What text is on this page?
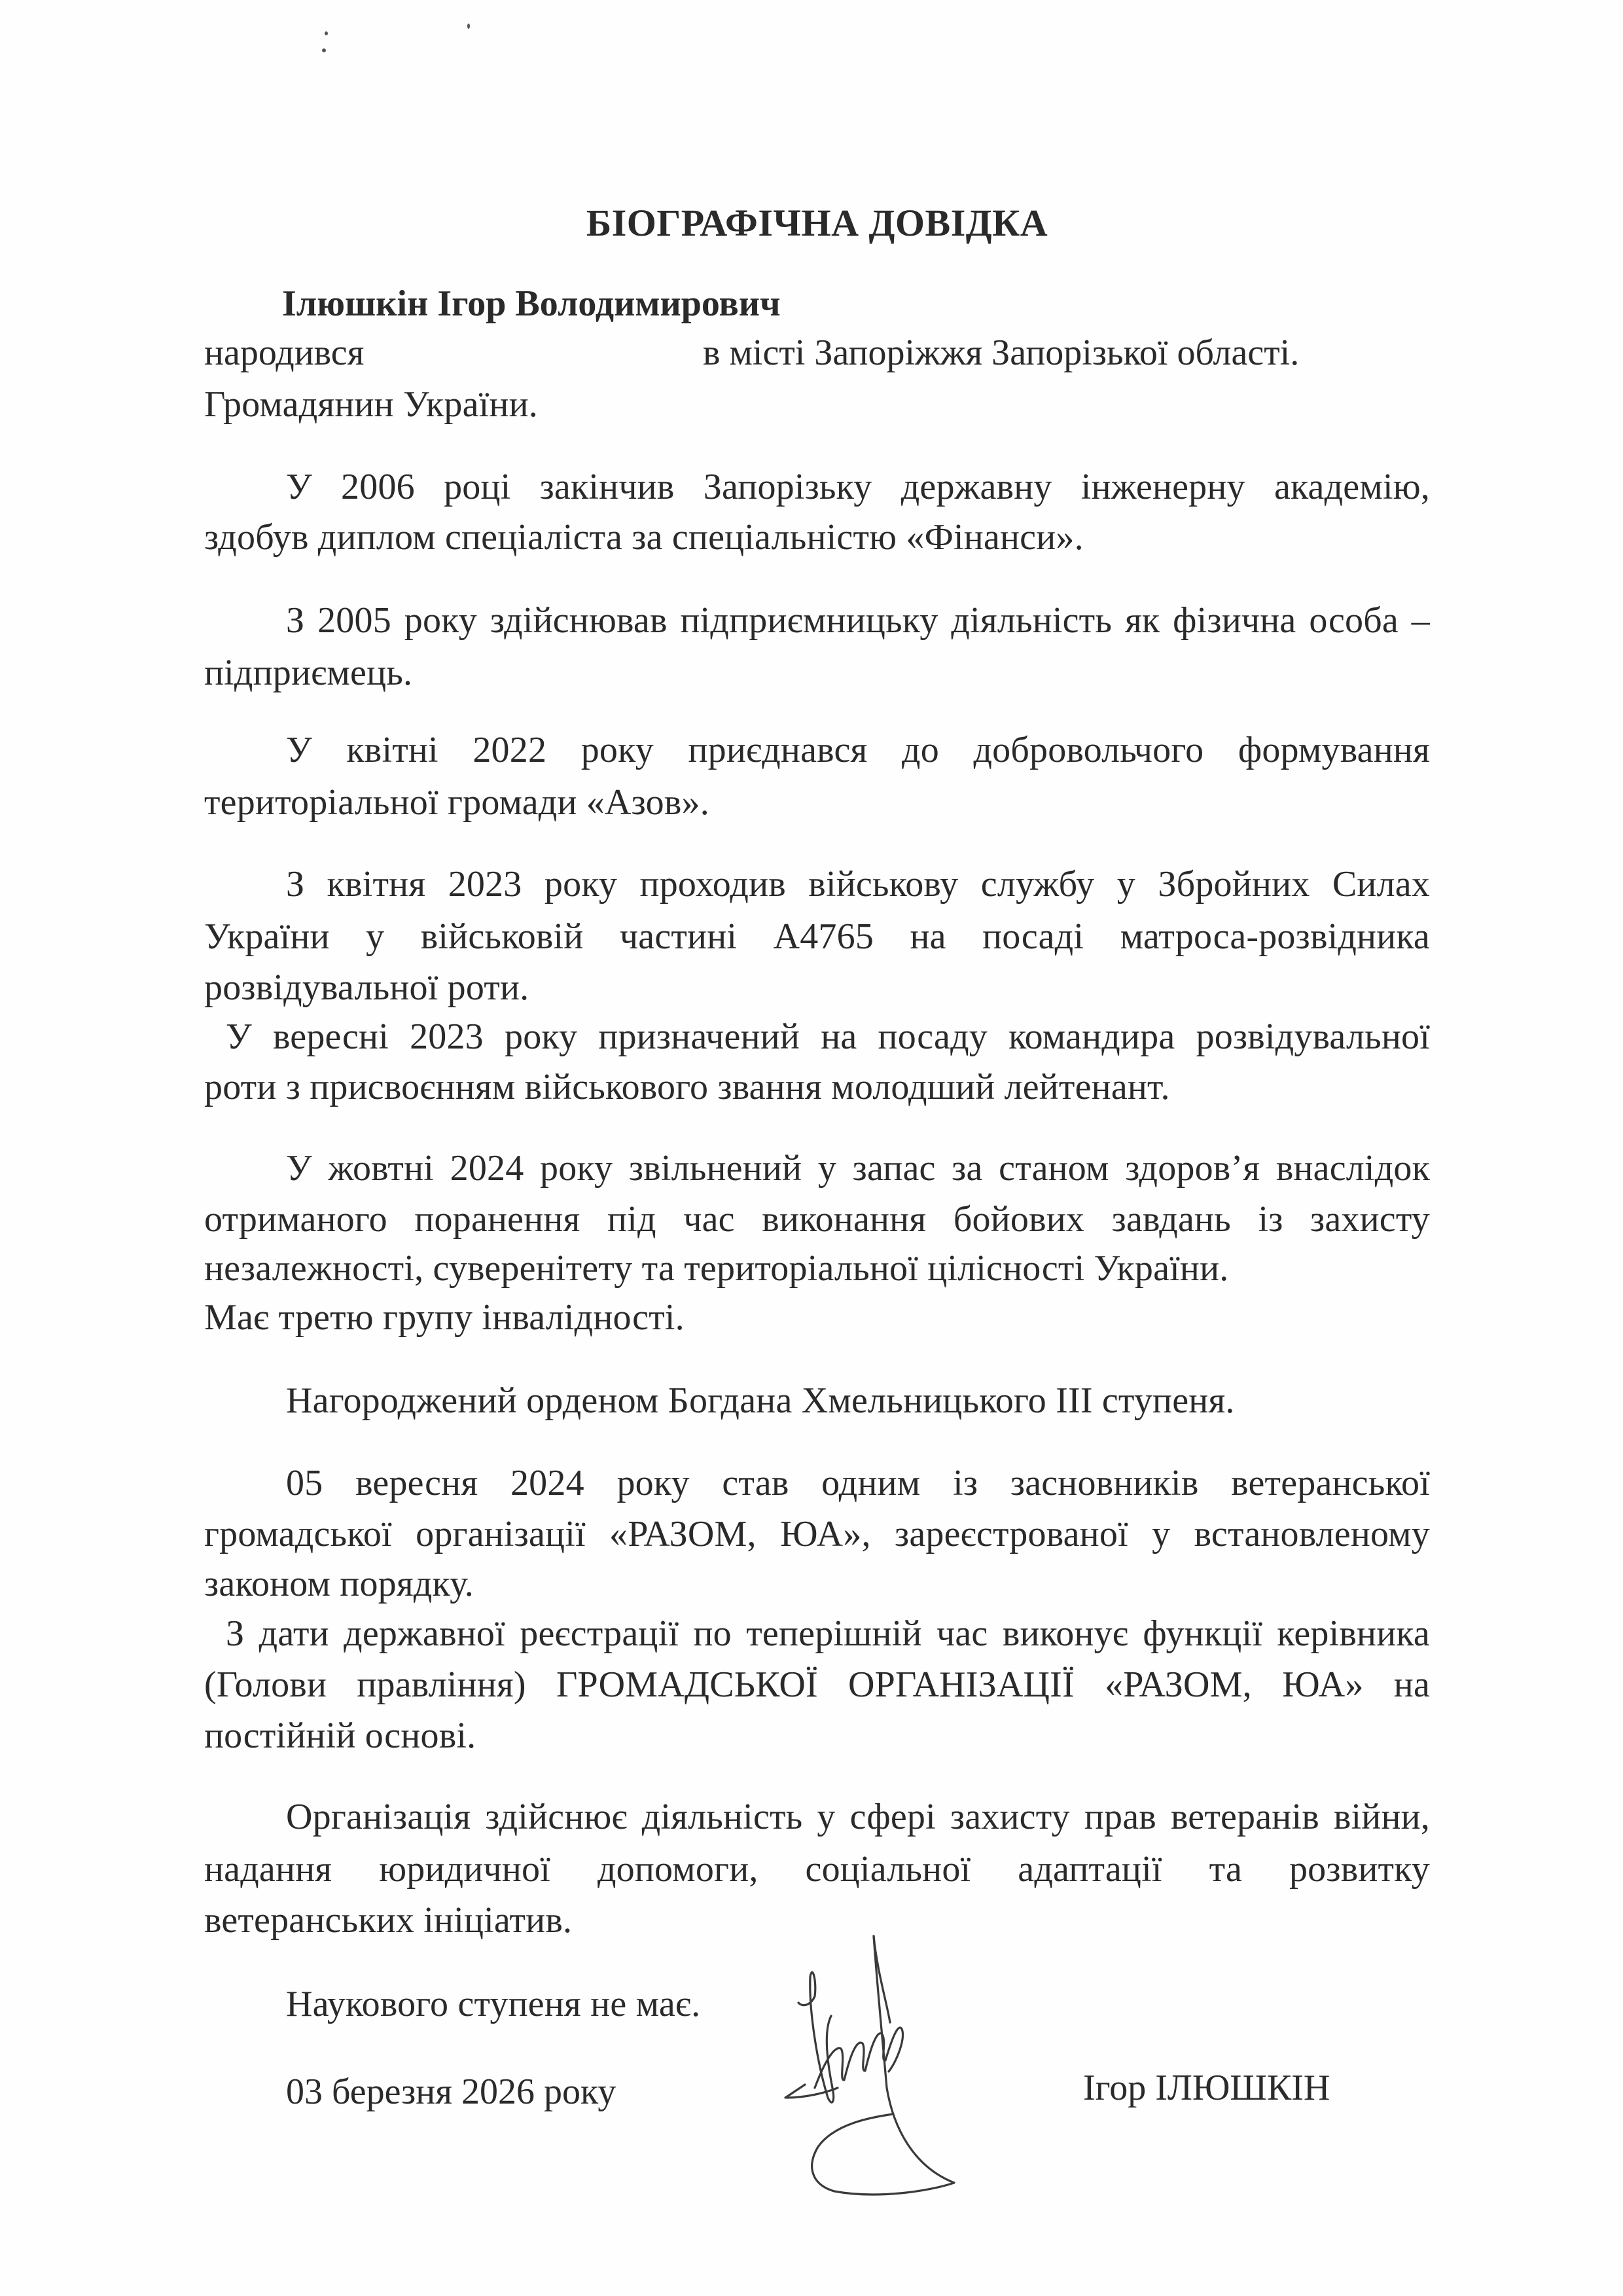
БІОГРАФІЧНА ДОВІДКА
Ілюшкін Ігор Володимирович
народився	в місті Запоріжжя Запорізької області.
Громадянин України.
У 2006 році закінчив Запорізьку державну інженерну академію,
здобув диплом спеціаліста за спеціальністю «Фінанси».
З 2005 року здійснював підприємницьку діяльність як фізична особа –
підприємець.
У квітні 2022 року приєднався до добровольчого формування
територіальної громади «Азов».
З квітня 2023 року проходив військову службу у Збройних Силах
України у військовій частині А4765 на посаді матроса-розвідника
розвідувальної роти.
У вересні 2023 року призначений на посаду командира розвідувальної
роти з присвоєнням військового звання молодший лейтенант.
У жовтні 2024 року звільнений у запас за станом здоров’я внаслідок
отриманого поранення під час виконання бойових завдань із захисту
незалежності, суверенітету та територіальної цілісності України.
Має третю групу інвалідності.
Нагороджений орденом Богдана Хмельницького ІІІ ступеня.
05 вересня 2024 року став одним із засновників ветеранської
громадської організації «РАЗОМ, ЮА», зареєстрованої у встановленому
законом порядку.
З дати державної реєстрації по теперішній час виконує функції керівника
(Голови правління) ГРОМАДСЬКОЇ ОРГАНІЗАЦІЇ «РАЗОМ, ЮА» на
постійній основі.
Організація здійснює діяльність у сфері захисту прав ветеранів війни,
надання юридичної допомоги, соціальної адаптації та розвитку
ветеранських ініціатив.
Наукового ступеня не має.
03 березня 2026 року	Ігор ІЛЮШКІН
